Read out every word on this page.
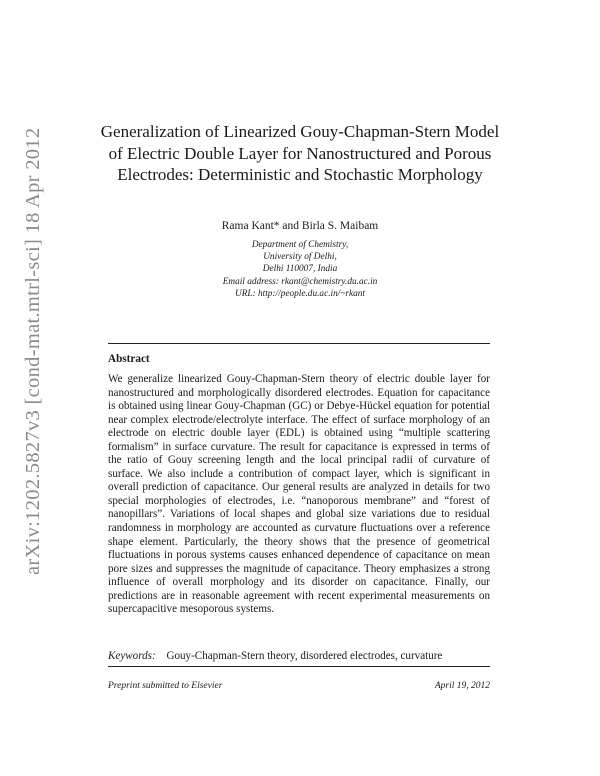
arXiv:1202.5827v3 [cond-mat.mtrl-sci] 18 Apr 2012	Generalization of Linearized Gouy-Chapman-Stern Model of Electric Double Layer for Nanostructured and Porous Electrodes: Deterministic and Stochastic Morphology
Rama Kant* and Birla S. Maibam
Department of Chemistry,
University of Delhi,
Delhi 110007, India
Email address: rkant@chemistry.du.ac.in
URL: http://people.du.ac.in/~rkant
Abstract

We generalize linearized Gouy-Chapman-Stern theory of electric double layer for nanostructured and morphologically disordered electrodes. Equation for capacitance is obtained using linear Gouy-Chapman (GC) or Debye-Hückel equation for potential near complex electrode/electrolyte interface. The effect of surface morphology of an electrode on electric double layer (EDL) is obtained using “multiple scattering formalism” in surface curvature. The result for capacitance is expressed in terms of the ratio of Gouy screening length and the local principal radii of curvature of surface. We also include a contribution of compact layer, which is significant in overall prediction of capacitance. Our general results are analyzed in details for two special morphologies of electrodes, i.e. “nanoporous membrane” and “forest of nanopillars”. Variations of local shapes and global size variations due to residual randomness in morphology are accounted as curvature fluctuations over a reference shape element. Particularly, the theory shows that the presence of geometrical fluctuations in porous systems causes enhanced dependence of capacitance on mean pore sizes and suppresses the magnitude of capacitance. Theory emphasizes a strong influence of overall morphology and its disorder on capacitance. Finally, our predictions are in reasonable agreement with recent experimental measurements on supercapacitive mesoporous systems.

Keywords: Gouy-Chapman-Stern theory, disordered electrodes, curvature
Preprint submitted to Elsevier	April 19, 2012
